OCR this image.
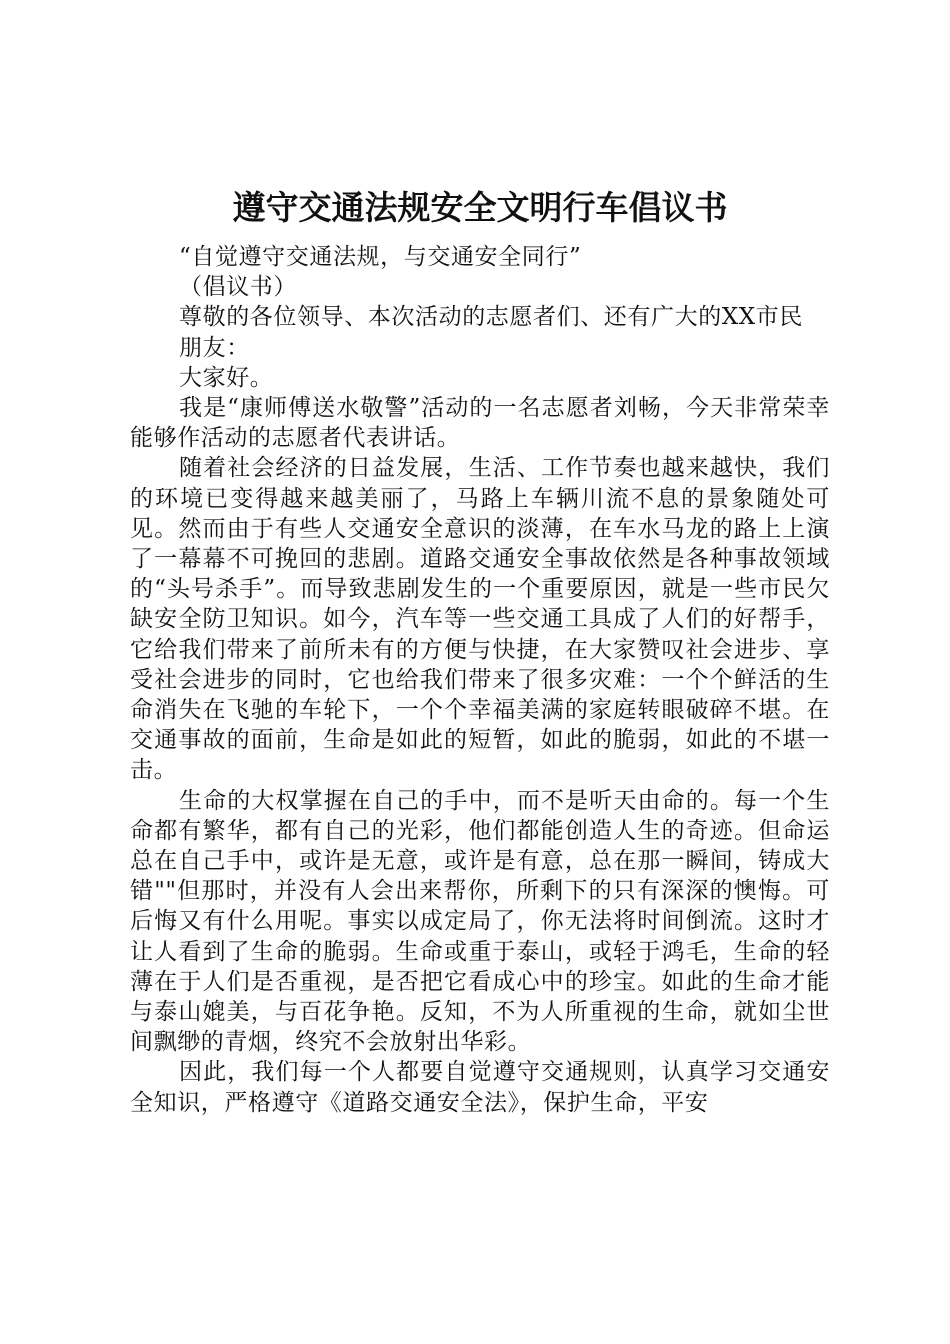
遵守交通法规安全文明行车倡议书

“自觉遵守交通法规，与交通安全同行”

（倡议书）

尊敬的各位领导、本次活动的志愿者们、还有广大的XX市民

朋友：

大家好。

我是“康师傅送水敬警”活动的一名志愿者刘畅，今天非常荣幸能够作活动的志愿者代表讲话。

随着社会经济的日益发展，生活、工作节奏也越来越快，我们的环境已变得越来越美丽了，马路上车辆川流不息的景象随处可见。然而由于有些人交通安全意识的淡薄，在车水马龙的路上上演了一幕幕不可挽回的悲剧。道路交通安全事故依然是各种事故领域的“头号杀手”。而导致悲剧发生的一个重要原因，就是一些市民欠缺安全防卫知识。如今，汽车等一些交通工具成了人们的好帮手，它给我们带来了前所未有的方便与快捷，在大家赞叹社会进步、享受社会进步的同时，它也给我们带来了很多灾难：一个个鲜活的生命消失在飞驰的车轮下，一个个幸福美满的家庭转眼破碎不堪。在交通事故的面前，生命是如此的短暂，如此的脆弱，如此的不堪一击。

生命的大权掌握在自己的手中，而不是听天由命的。每一个生命都有繁华，都有自己的光彩，他们都能创造人生的奇迹。但命运总在自己手中，或许是无意，或许是有意，总在那一瞬间，铸成大错""但那时，并没有人会出来帮你，所剩下的只有深深的懊悔。可后悔又有什么用呢。事实以成定局了，你无法将时间倒流。这时才让人看到了生命的脆弱。生命或重于泰山，或轻于鸿毛，生命的轻薄在于人们是否重视，是否把它看成心中的珍宝。如此的生命才能与泰山媲美，与百花争艳。反知，不为人所重视的生命，就如尘世间飘缈的青烟，终究不会放射出华彩。

因此，我们每一个人都要自觉遵守交通规则，认真学习交通安全知识，严格遵守《道路交通安全法》，保护生命，平安
